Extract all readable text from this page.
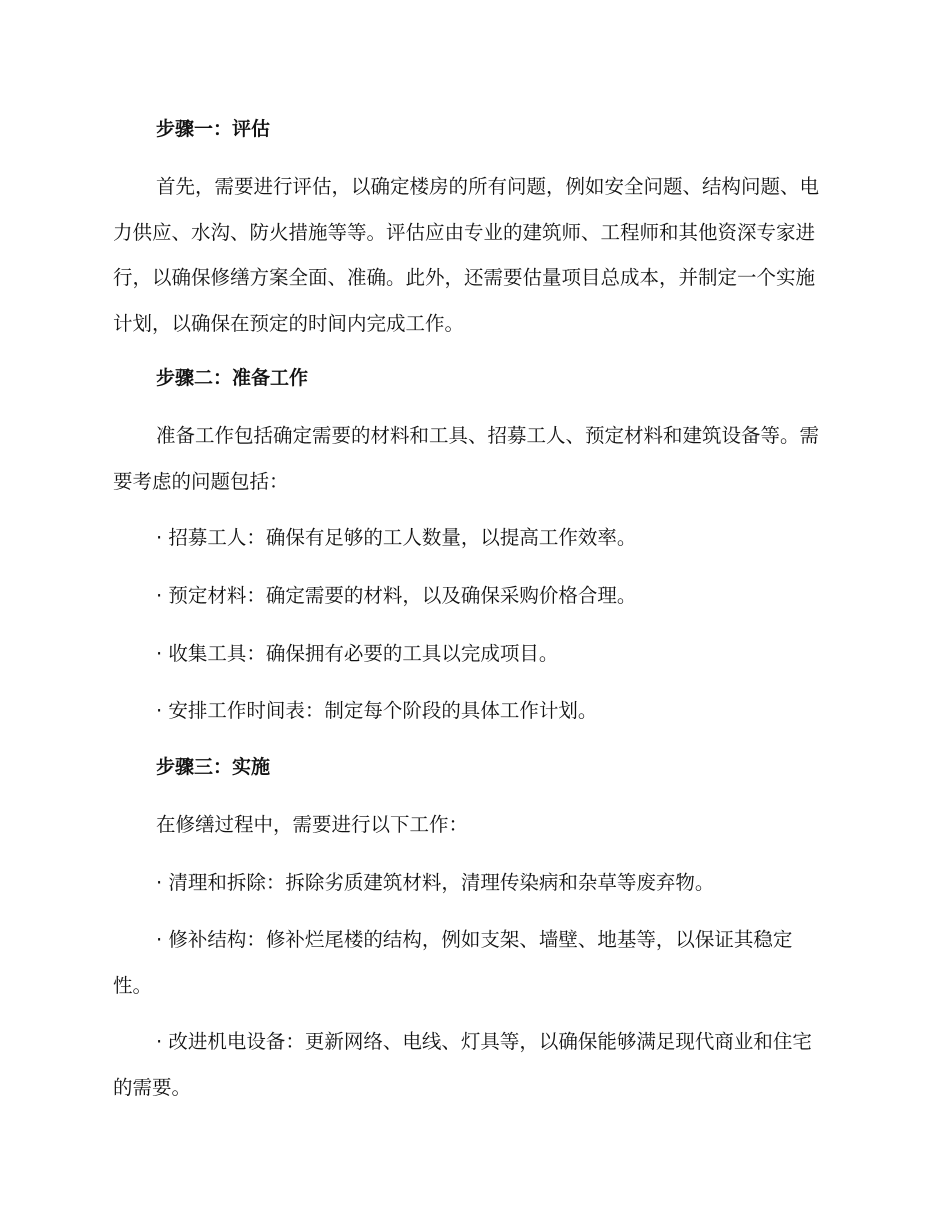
步骤一：评估

首先，需要进行评估，以确定楼房的所有问题，例如安全问题、结构问题、电力供应、水沟、防火措施等等。评估应由专业的建筑师、工程师和其他资深专家进行，以确保修缮方案全面、准确。此外，还需要估量项目总成本，并制定一个实施计划，以确保在预定的时间内完成工作。

步骤二：准备工作

准备工作包括确定需要的材料和工具、招募工人、预定材料和建筑设备等。需要考虑的问题包括：

· 招募工人：确保有足够的工人数量，以提高工作效率。

· 预定材料：确定需要的材料，以及确保采购价格合理。

· 收集工具：确保拥有必要的工具以完成项目。

· 安排工作时间表：制定每个阶段的具体工作计划。

步骤三：实施

在修缮过程中，需要进行以下工作：

· 清理和拆除：拆除劣质建筑材料，清理传染病和杂草等废弃物。

· 修补结构：修补烂尾楼的结构，例如支架、墙壁、地基等，以保证其稳定性。

· 改进机电设备：更新网络、电线、灯具等，以确保能够满足现代商业和住宅的需要。
